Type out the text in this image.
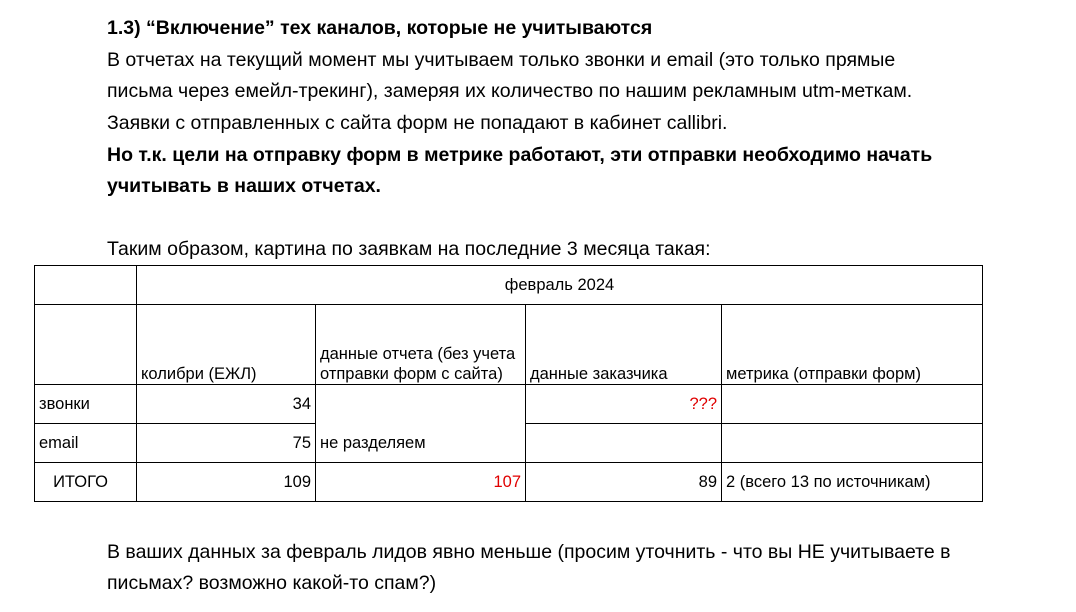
1.3) “Включение” тех каналов, которые не учитываются
В отчетах на текущий момент мы учитываем только звонки и email (это только прямые
письма через емейл-трекинг), замеряя их количество по нашим рекламным utm-меткам.
Заявки с отправленных с сайта форм не попадают в кабинет callibri.
Но т.к. цели на отправку форм в метрике работают, эти отправки необходимо начать
учитывать в наших отчетах.
Таким образом, картина по заявкам на последние 3 месяца такая:
	февраль 2024			
	колибри (ЕЖЛ)	данные отчета (без учета отправки форм с сайта)	данные заказчика	метрика (отправки форм)
звонки	34		???	
email	75	не разделяем		
ИТОГО	109	107	89	2 (всего 13 по источникам)
В ваших данных за февраль лидов явно меньше (просим уточнить - что вы НЕ учитываете в
письмах? возможно какой-то спам?)
